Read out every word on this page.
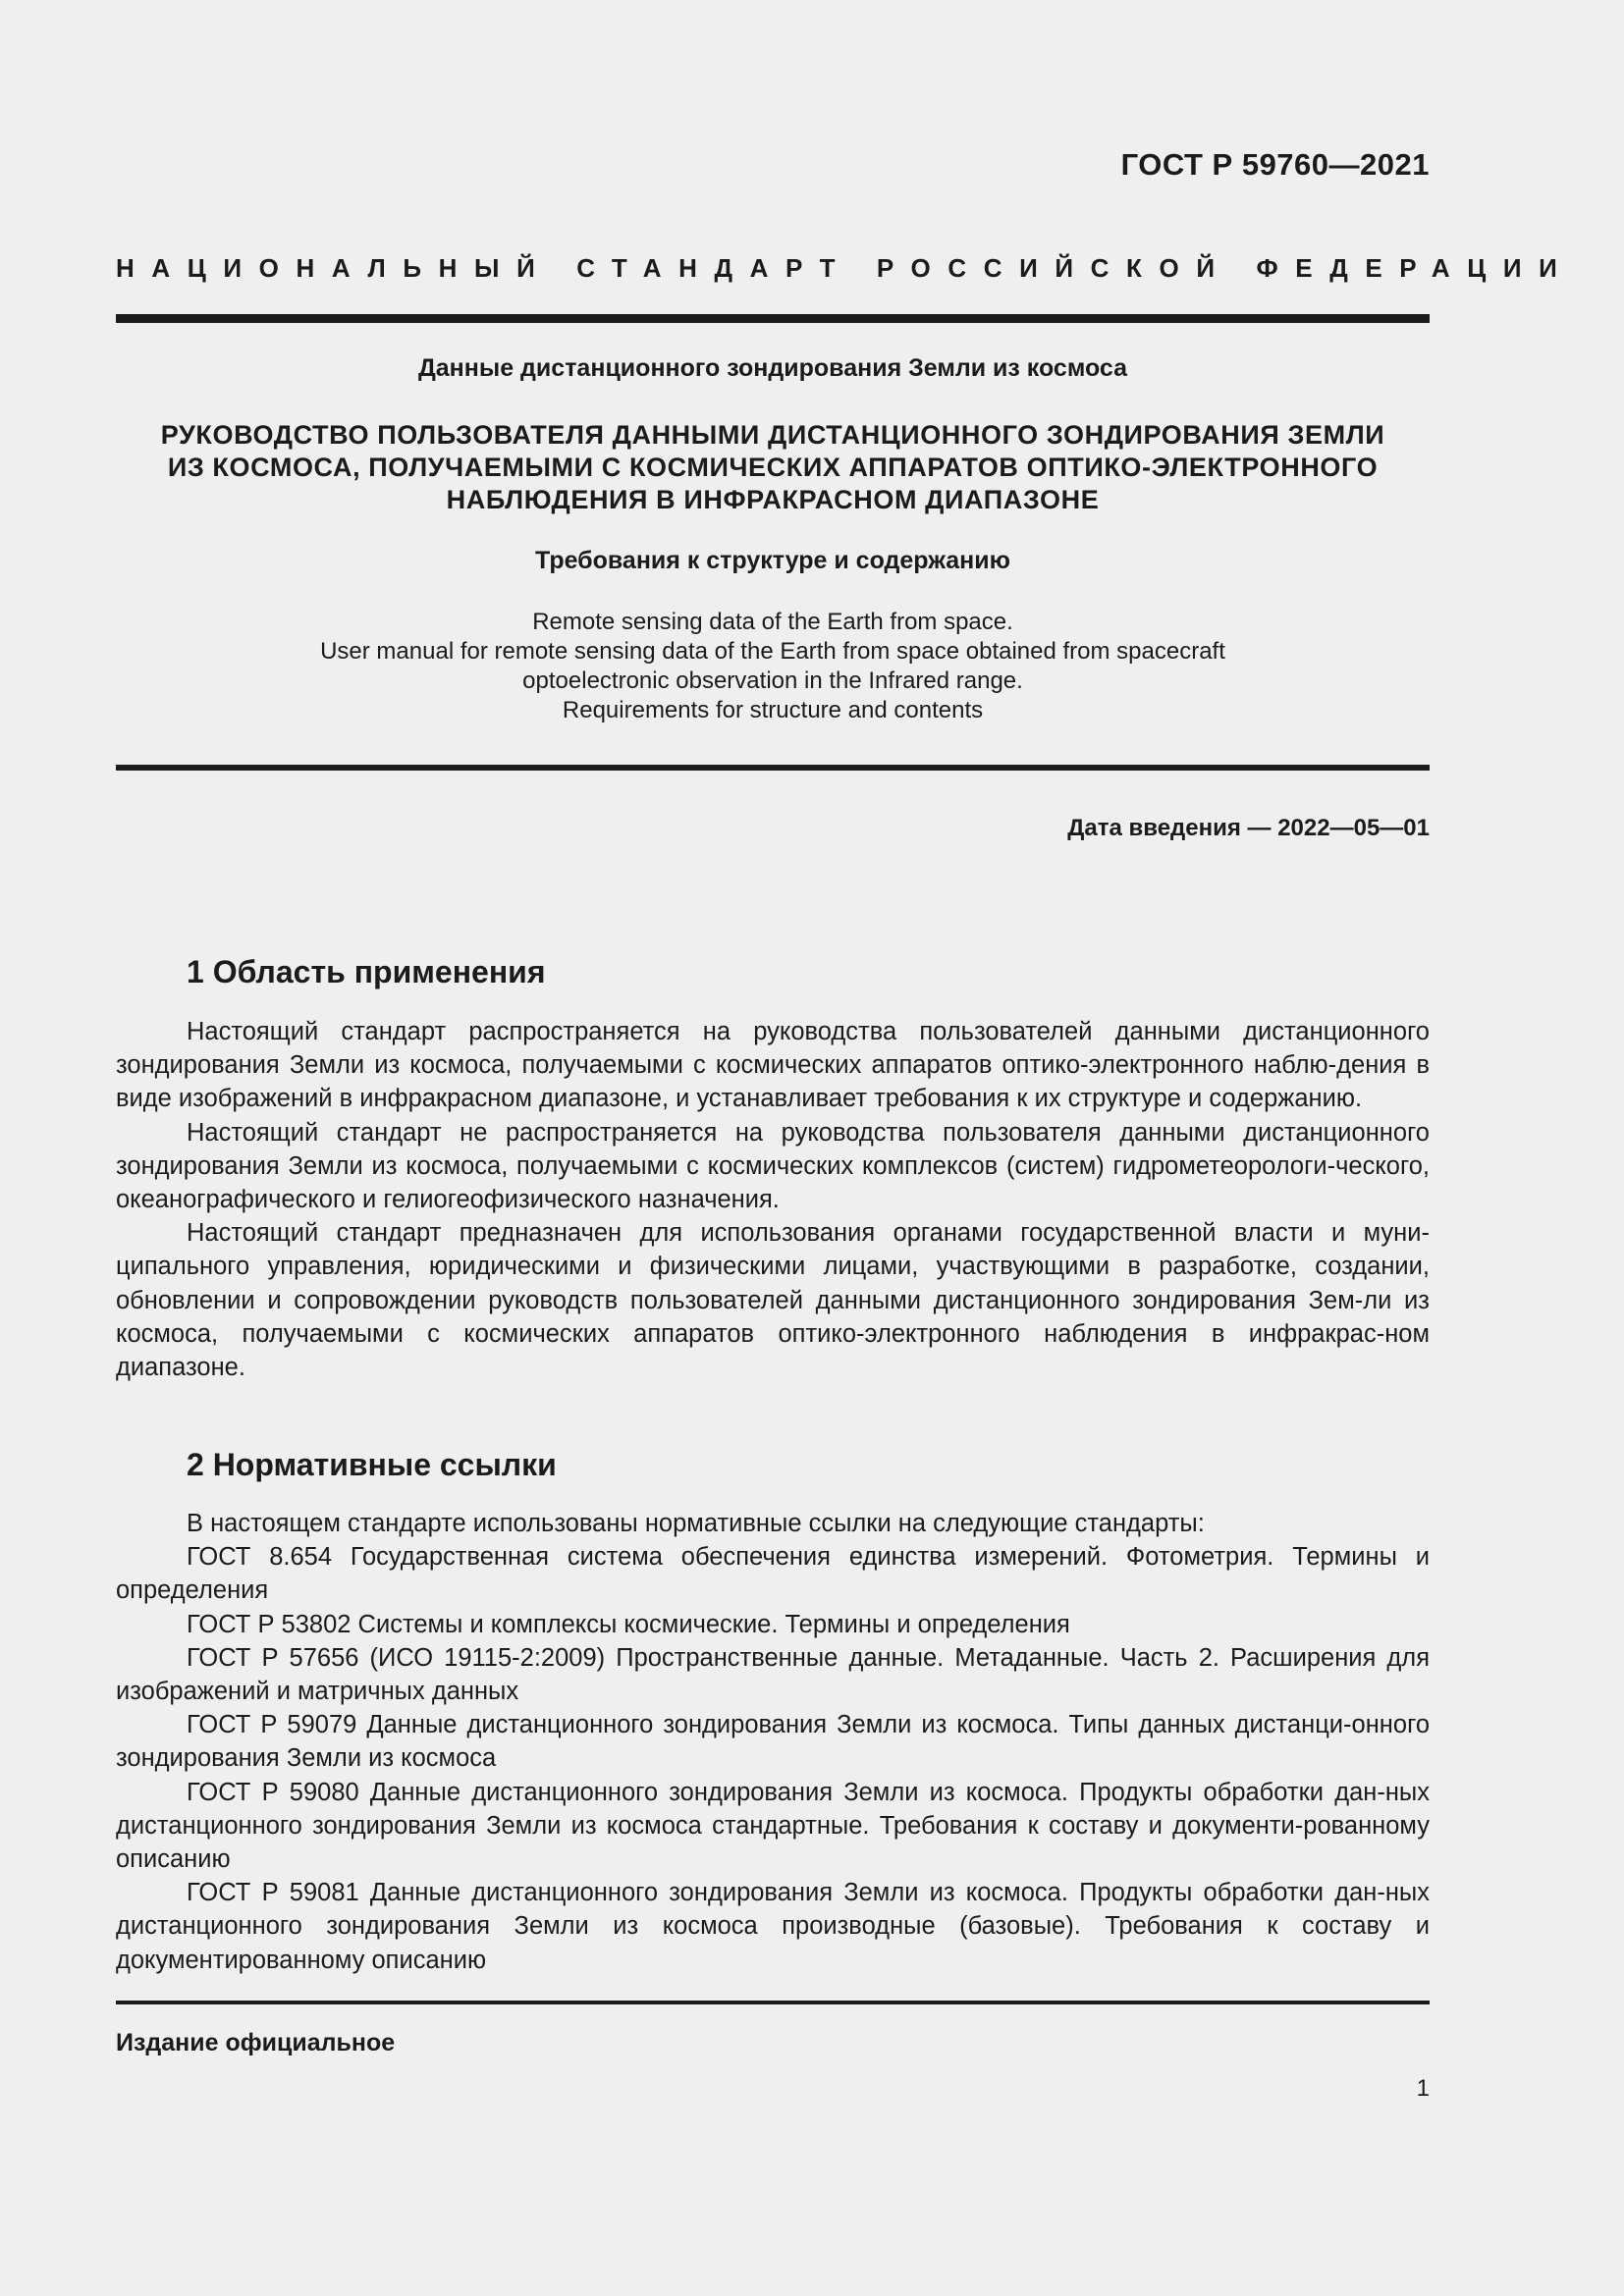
ГОСТ Р 59760—2021
НАЦИОНАЛЬНЫЙ СТАНДАРТ РОССИЙСКОЙ ФЕДЕРАЦИИ
Данные дистанционного зондирования Земли из космоса
РУКОВОДСТВО ПОЛЬЗОВАТЕЛЯ ДАННЫМИ ДИСТАНЦИОННОГО ЗОНДИРОВАНИЯ ЗЕМЛИ
ИЗ КОСМОСА, ПОЛУЧАЕМЫМИ С КОСМИЧЕСКИХ АППАРАТОВ ОПТИКО-ЭЛЕКТРОННОГО
НАБЛЮДЕНИЯ В ИНФРАКРАСНОМ ДИАПАЗОНЕ
Требования к структуре и содержанию
Remote sensing data of the Earth from space.
User manual for remote sensing data of the Earth from space obtained from spacecraft
optoelectronic observation in the Infrared range.
Requirements for structure and contents
Дата введения — 2022—05—01
1 Область применения

Настоящий стандарт распространяется на руководства пользователей данными дистанционного зондирования Земли из космоса, получаемыми с космических аппаратов оптико-электронного наблю-дения в виде изображений в инфракрасном диапазоне, и устанавливает требования к их структуре и содержанию.

Настоящий стандарт не распространяется на руководства пользователя данными дистанционного зондирования Земли из космоса, получаемыми с космических комплексов (систем) гидрометеорологи-ческого, океанографического и гелиогеофизического назначения.

Настоящий стандарт предназначен для использования органами государственной власти и муни-ципального управления, юридическими и физическими лицами, участвующими в разработке, создании, обновлении и сопровождении руководств пользователей данными дистанционного зондирования Зем-ли из космоса, получаемыми с космических аппаратов оптико-электронного наблюдения в инфракрас-ном диапазоне.

2 Нормативные ссылки

В настоящем стандарте использованы нормативные ссылки на следующие стандарты:

ГОСТ 8.654 Государственная система обеспечения единства измерений. Фотометрия. Термины и определения

ГОСТ Р 53802 Системы и комплексы космические. Термины и определения

ГОСТ Р 57656 (ИСО 19115-2:2009) Пространственные данные. Метаданные. Часть 2. Расширения для изображений и матричных данных

ГОСТ Р 59079 Данные дистанционного зондирования Земли из космоса. Типы данных дистанци-онного зондирования Земли из космоса

ГОСТ Р 59080 Данные дистанционного зондирования Земли из космоса. Продукты обработки дан-ных дистанционного зондирования Земли из космоса стандартные. Требования к составу и документи-рованному описанию

ГОСТ Р 59081 Данные дистанционного зондирования Земли из космоса. Продукты обработки дан-ных дистанционного зондирования Земли из космоса производные (базовые). Требования к составу и документированному описанию

Издание официальное
1
